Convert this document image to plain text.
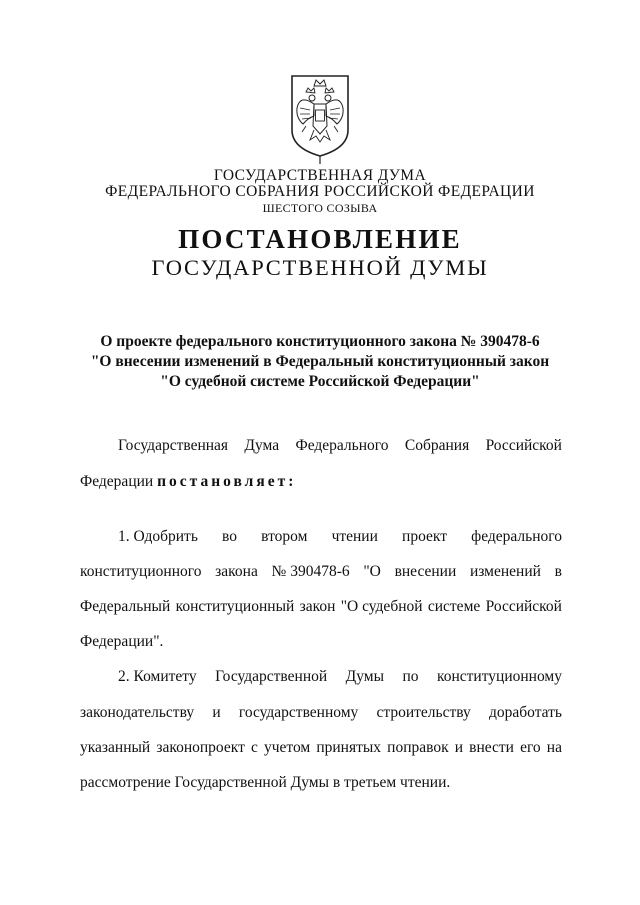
ГОСУДАРСТВЕННАЯ ДУМА
ФЕДЕРАЛЬНОГО СОБРАНИЯ РОССИЙСКОЙ ФЕДЕРАЦИИ
ШЕСТОГО СОЗЫВА
ПОСТАНОВЛЕНИЕ
ГОСУДАРСТВЕННОЙ ДУМЫ
О проекте федерального конституционного закона № 390478-6
"О внесении изменений в Федеральный конституционный закон
"О судебной системе Российской Федерации"
Государственная Дума Федерального Собрания Российской
Федерации постановляет:
1. Одобрить во втором чтении проект федерального
конституционного закона № 390478-6 "О внесении изменений в
Федеральный конституционный закон "О судебной системе Российской
Федерации".
2. Комитету Государственной Думы по конституционному
законодательству и государственному строительству доработать
указанный законопроект с учетом принятых поправок и внести его на
рассмотрение Государственной Думы в третьем чтении.
